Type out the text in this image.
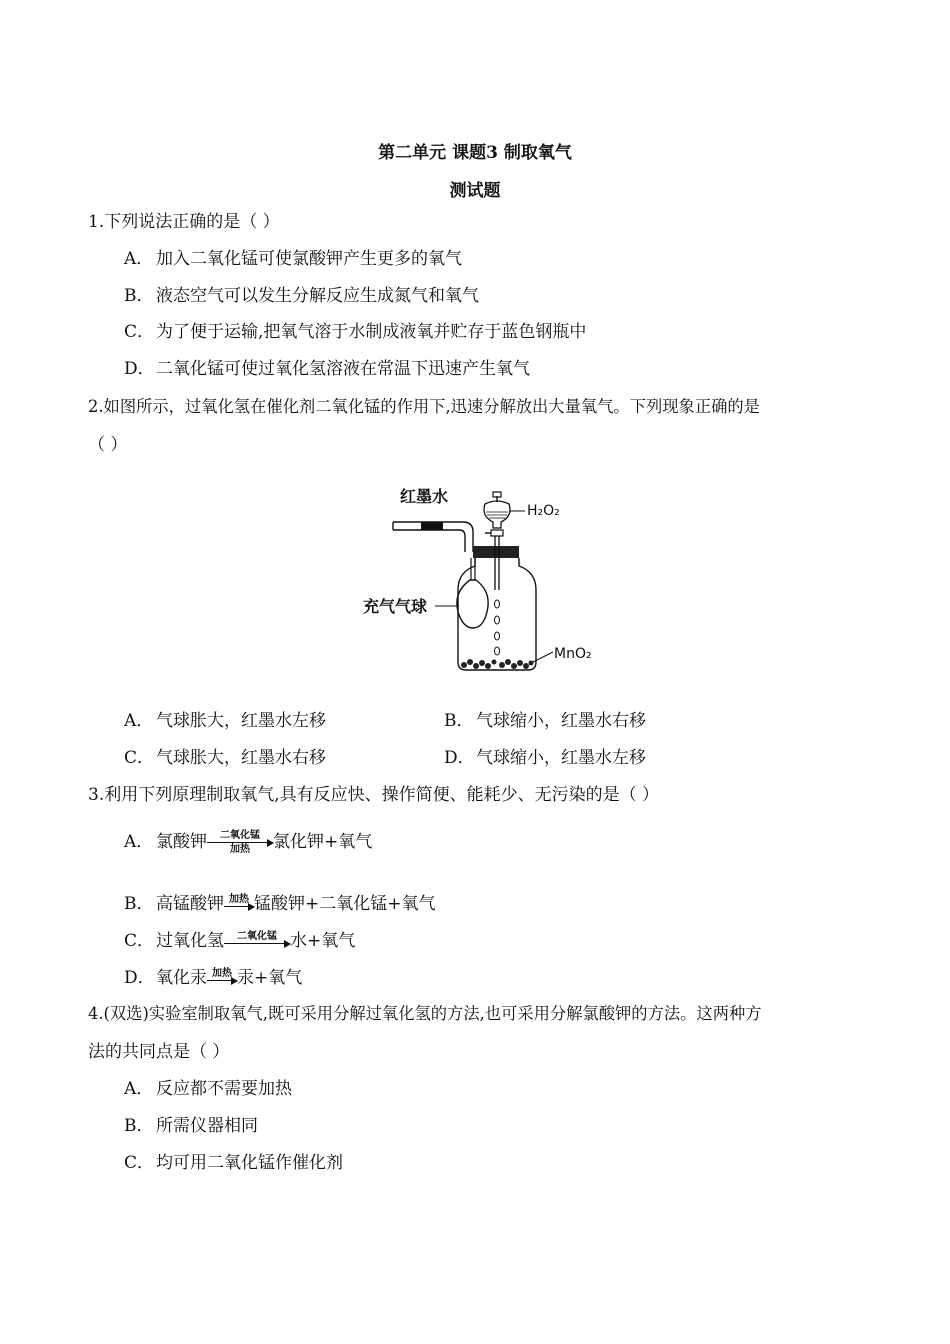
第二单元 课题3 制取氧气
测试题
1.下列说法正确的是（ ）
A． 加入二氧化锰可使氯酸钾产生更多的氧气
B． 液态空气可以发生分解反应生成氮气和氧气
C． 为了便于运输,把氧气溶于水制成液氧并贮存于蓝色钢瓶中
D．二氧化锰可使过氧化氢溶液在常温下迅速产生氧气
2.如图所示，过氧化氢在催化剂二氧化锰的作用下,迅速分解放出大量氧气。下列现象正确的是
（ ）
红墨水
H₂O₂
充气气球
MnO₂
A． 气球胀大，红墨水左移	B． 气球缩小，红墨水右移
C． 气球胀大，红墨水右移	D．气球缩小，红墨水左移
3.利用下列原理制取氧气,具有反应快、操作简便、能耗少、无污染的是（ ）
A． 氯酸钾	二氧化锰
加热	氯化钾+氧气
B． 高锰酸钾 加热 锰酸钾+二氧化锰+氧气
C． 过氧化氢	二氧化锰 水+氧气
D．氧化汞 加热 汞+氧气
4.(双选)实验室制取氧气,既可采用分解过氧化氢的方法,也可采用分解氯酸钾的方法。这两种方
法的共同点是（ ）
A． 反应都不需要加热
B． 所需仪器相同
C． 均可用二氧化锰作催化剂
